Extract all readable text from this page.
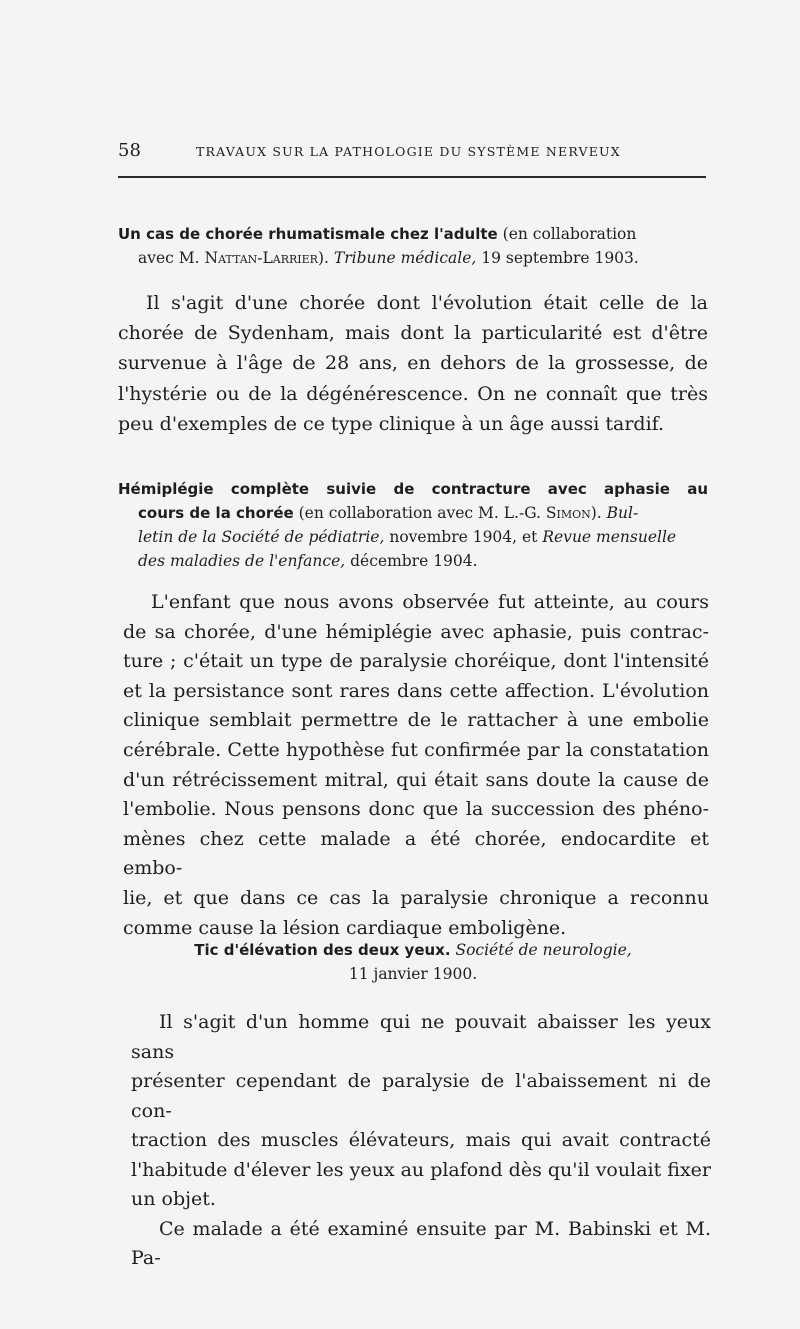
58	TRAVAUX SUR LA PATHOLOGIE DU SYSTÈME NERVEUX
Un cas de chorée rhumatismale chez l'adulte (en collaboration
avec M. Nattan-Larrier). Tribune médicale, 19 septembre 1903.
Il s'agit d'une chorée dont l'évolution était celle de la
chorée de Sydenham, mais dont la particularité est d'être
survenue à l'âge de 28 ans, en dehors de la grossesse, de
l'hystérie ou de la dégénérescence. On ne connaît que très
peu d'exemples de ce type clinique à un âge aussi tardif.
Hémiplégie complète suivie de contracture avec aphasie au
cours de la chorée (en collaboration avec M. L.-G. Simon). Bul-
letin de la Société de pédiatrie, novembre 1904, et Revue mensuelle
des maladies de l'enfance, décembre 1904.
L'enfant que nous avons observée fut atteinte, au cours
de sa chorée, d'une hémiplégie avec aphasie, puis contrac-
ture ; c'était un type de paralysie choréique, dont l'intensité
et la persistance sont rares dans cette affection. L'évolution
clinique semblait permettre de le rattacher à une embolie
cérébrale. Cette hypothèse fut confirmée par la constatation
d'un rétrécissement mitral, qui était sans doute la cause de
l'embolie. Nous pensons donc que la succession des phéno-
mènes chez cette malade a été chorée, endocardite et embo-
lie, et que dans ce cas la paralysie chronique a reconnu
comme cause la lésion cardiaque emboligène.
Tic d'élévation des deux yeux. Société de neurologie,
11 janvier 1900.
Il s'agit d'un homme qui ne pouvait abaisser les yeux sans
présenter cependant de paralysie de l'abaissement ni de con-
traction des muscles élévateurs, mais qui avait contracté
l'habitude d'élever les yeux au plafond dès qu'il voulait fixer
un objet.
Ce malade a été examiné ensuite par M. Babinski et M. Pa-
